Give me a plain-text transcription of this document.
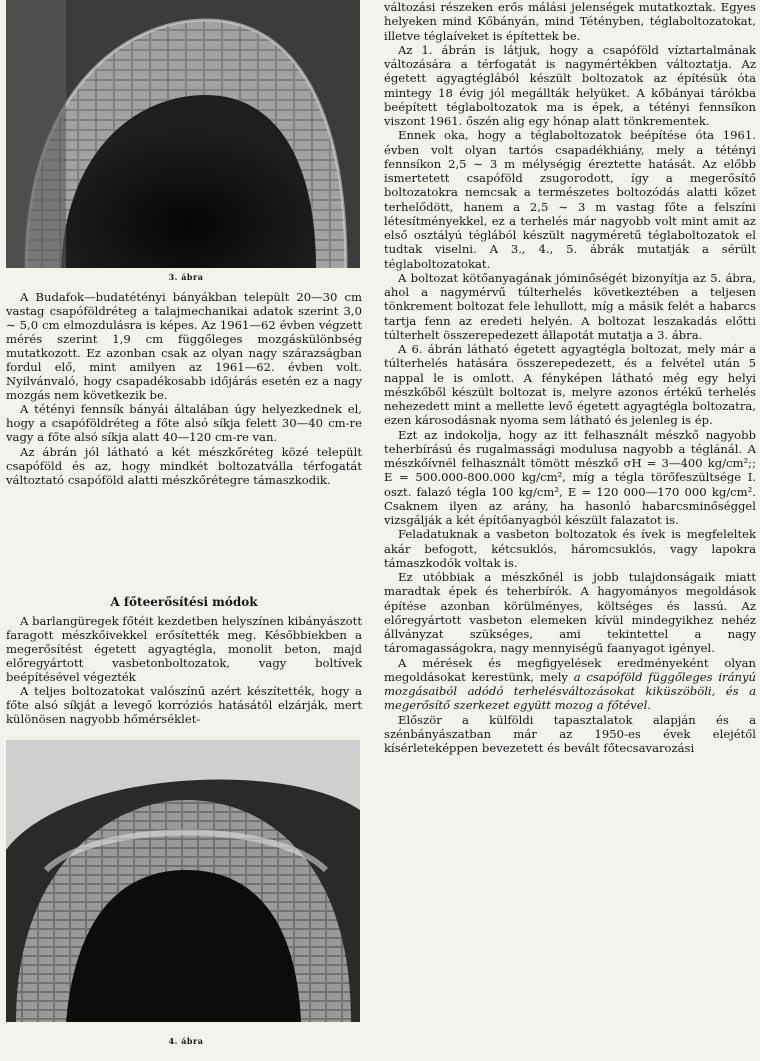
3. ábra

A Budafok—budatétényi bányákban települt 20—30 cm vastag csapóföldréteg a talajmechanikai adatok szerint 3,0 ∼ 5,0 cm elmozdulásra is képes. Az 1961—62 évben végzett mérés szerint 1,9 cm függőleges mozgáskülönbség mutatkozott. Ez azonban csak az olyan nagy szárazságban fordul elő, mint amilyen az 1961—62. évben volt. Nyilvánvaló, hogy csapadékosabb időjárás esetén ez a nagy mozgás nem következik be.

A tétényi fennsík bányái általában úgy helyezkednek el, hogy a csapóföldréteg a főte alsó síkja felett 30—40 cm-re vagy a főte alsó síkja alatt 40—120 cm-re van.

Az ábrán jól látható a két mészkőréteg közé települt csapóföld és az, hogy mindkét boltozatvállа térfogatát változtató csapóföld alatti mészkőrétegre támaszkodik.

A főteerősítési módok

A barlangüregek főtéit kezdetben helyszínen kibányászott faragott mészkőivekkel erősítették meg. Későbbiekben a megerősítést égetett agyagtégla, monolit beton, majd előregyártott vasbetonboltozatok, vagy boltívek beépítésével végezték

A teljes boltozatokat valószínű azért készítették, hogy a főte alsó síkját a levegő korróziós hatásától elzárják, mert különösen nagyobb hőmérséklet-

4. ábra

változási részeken erős málási jelenségek mutatkoztak. Egyes helyeken mind Kőbányán, mind Tétényben, téglaboltozatokat, illetve téglaíveket is építettek be.

Az 1. ábrán is látjuk, hogy a csapóföld víztartalmának változására a térfogatát is nagymértékben változtatja. Az égetett agyagtéglából készült boltozatok az építésük óta mintegy 18 évig jól megállták helyüket. A kőbányai tárókba beépített téglaboltozatok ma is épek, a tétényi fennsíkon viszont 1961. őszén alig egy hónap alatt tönkrementek.

Ennek oka, hogy a téglaboltozatok beépítése óta 1961. évben volt olyan tartós csapadékhiány, mely a tétényi fennsíkon 2,5 ∼ 3 m mélységig éreztette hatását. Az előbb ismertetett csapóföld zsugorodott, így a megerősítő boltozatokra nemcsak a természetes boltozódás alatti kőzet terhelődött, hanem a 2,5 ∼ 3 m vastag főte a felszíni létesítményekkel, ez a terhelés már nagyobb volt mint amit az első osztályú téglából készült nagyméretű téglaboltozatok el tudtak viselni. A 3., 4., 5. ábrák mutatják a sérült téglaboltozatokat.

A boltozat kötőanyagának jóminőségét bizonyítja az 5. ábra, ahol a nagymérvű túlterhelés következtében a teljesen tönkrement boltozat fele lehullott, míg a másik felét a habarcs tartja fenn az eredeti helyén. A boltozat leszakadás előtti túlterhelt összerepedezett állapotát mutatja a 3. ábra.

A 6. ábrán látható égetett agyagtégla boltozat, mely már a túlterhelés hatására összerepedezett, és a felvétel után 5 nappal le is omlott. A fényképen látható még egy helyi mészkőből készült boltozat is, melyre azonos értékű terhelés nehezedett mint a mellette levő égetett agyagtégla boltozatra, ezen károsodásnak nyoma sem látható és jelenleg is ép.

Ezt az indokolja, hogy az itt felhasznált mészkő nagyobb teherbírású és rugalmassági modulusa nagyobb a téglánál. A mészkőívnél felhasznált tömött mészkő σH = 3—400 kg/cm²;; E = 500.000-800.000 kg/cm², míg a tégla törőfeszültsége I. oszt. falazó tégla 100 kg/cm², E = 120 000—170 000 kg/cm². Csaknem ilyen az arány, ha hasonló habarcsminőséggel vizsgálják a két építőanyagból készült falazatot is.

Feladatuknak a vasbeton boltozatok és ívek is megfeleltek akár befogott, kétcsuklós, háromcsuklós, vagy lapokra támaszkodók voltak is.

Ez utóbbiak a mészkőnél is jobb tulajdonságaik miatt maradtak épek és teherbírók. A hagyományos megoldások építése azonban körülményes, költséges és lassú. Az előregyártott vasbeton elemeken kívül mindegyikhez nehéz állványzat szükséges, ami tekintettel a nagy táromagasságokra, nagy mennyiségű faanyagot igényel.

A mérések és megfigyelések eredményeként olyan megoldásokat kerestünk, mely a csapóföld függőleges irányú mozgásaiból adódó terhelésváltozásokat kiküszöböli, és a megerősítő szerkezet együtt mozog a főtével.

Először a külföldi tapasztalatok alapján és a szénbányászatban már az 1950-es évek elejétől kísérleteképpen bevezetett és bevált főtecsavarozási
